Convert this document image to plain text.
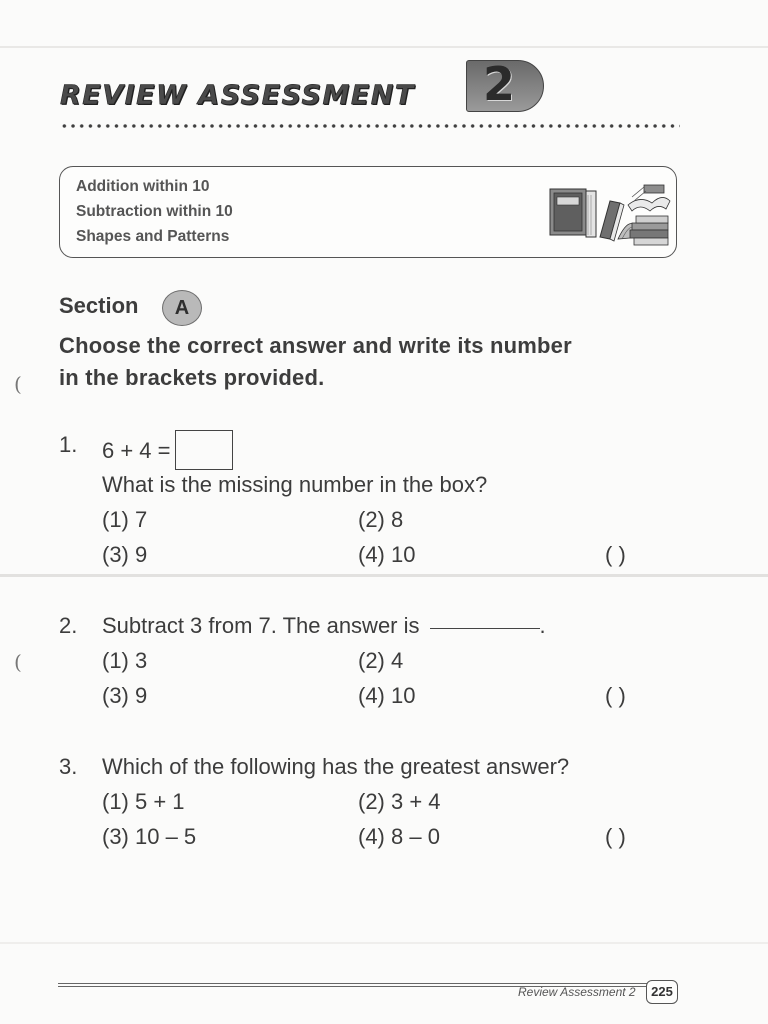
REVIEW ASSESSMENT 2
Addition within 10
Subtraction within 10
Shapes and Patterns
Section	A
Choose the correct answer and write its number
in the brackets provided.
(
(
1. 6 + 4 =
What is the missing number in the box?
(1) 7	(2) 8
(3) 9	(4) 10	( )
2. Subtract 3 from 7. The answer is	.
(1) 3	(2) 4
(3) 9	(4) 10	( )
3. Which of the following has the greatest answer?
(1) 5 + 1	(2) 3 + 4
(3) 10 – 5	(4) 8 – 0	( )
Review Assessment 2	225
